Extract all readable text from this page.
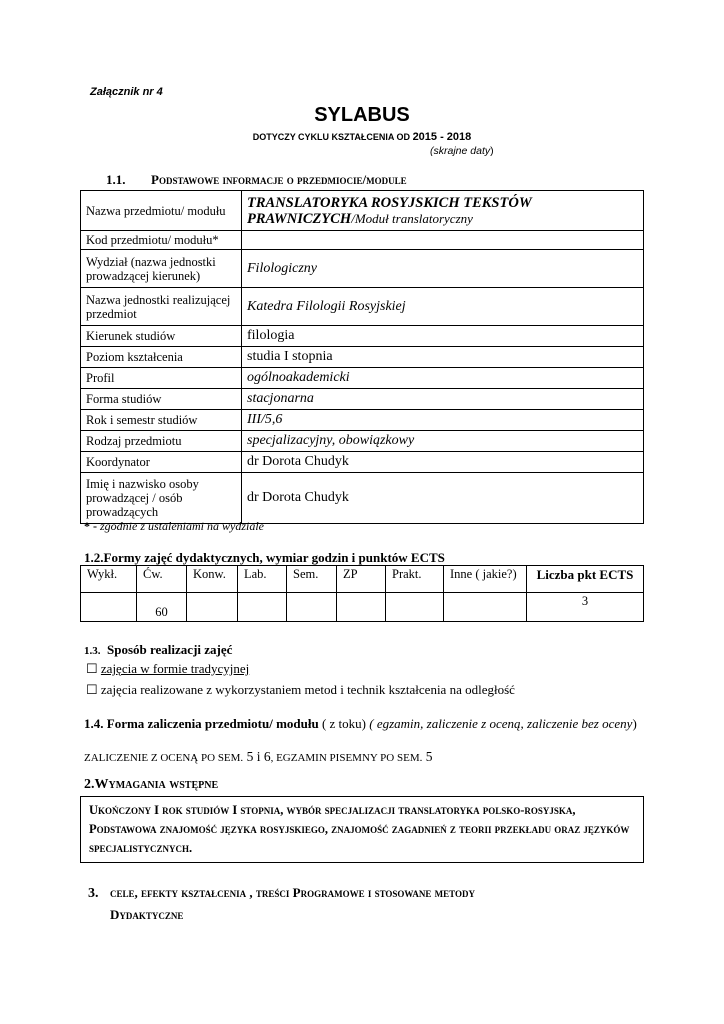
Załącznik nr 4
SYLABUS
DOTYCZY CYKLU KSZTAŁCENIA OD 2015 - 2018
(skrajne daty)
1.1. Podstawowe informacje o przedmiocie/module
Nazwa przedmiotu/ modułu	TRANSLATORYKA ROSYJSKICH TEKSTÓW PRAWNICZYCH/Moduł translatoryczny
Kod przedmiotu/ modułu*	
Wydział (nazwa jednostki prowadzącej kierunek)	Filologiczny
Nazwa jednostki realizującej przedmiot	Katedra Filologii Rosyjskiej
Kierunek studiów	filologia
Poziom kształcenia	studia I stopnia
Profil	ogólnoakademicki
Forma studiów	stacjonarna
Rok i semestr studiów	III/5,6
Rodzaj przedmiotu	specjalizacyjny, obowiązkowy
Koordynator	dr Dorota Chudyk
Imię i nazwisko osoby prowadzącej / osób prowadzących	dr Dorota Chudyk
* - zgodnie z ustaleniami na wydziale
1.2.Formy zajęć dydaktycznych, wymiar godzin i punktów ECTS
Wykł.	Ćw.	Konw.	Lab.	Sem.	ZP	Prakt.	Inne ( jakie?)	Liczba pkt ECTS
	60							3
1.3. Sposób realizacji zajęć
☐ zajęcia w formie tradycyjnej
☐ zajęcia realizowane z wykorzystaniem metod i technik kształcenia na odległość
1.4. Forma zaliczenia przedmiotu/ modułu ( z toku) ( egzamin, zaliczenie z oceną, zaliczenie bez oceny)
ZALICZENIE Z OCENĄ PO SEM. 5 i 6, EGZAMIN PISEMNY PO SEM. 5
2.Wymagania wstępne
Ukończony I rok studiów I stopnia, wybór specjalizacji translatoryka polsko-rosyjska, Podstawowa znajomość języka rosyjskiego, znajomość zagadnień z teorii przekładu oraz języków specjalistycznych.
3. cele, efekty kształcenia , treści Programowe i stosowane metody
Dydaktyczne
